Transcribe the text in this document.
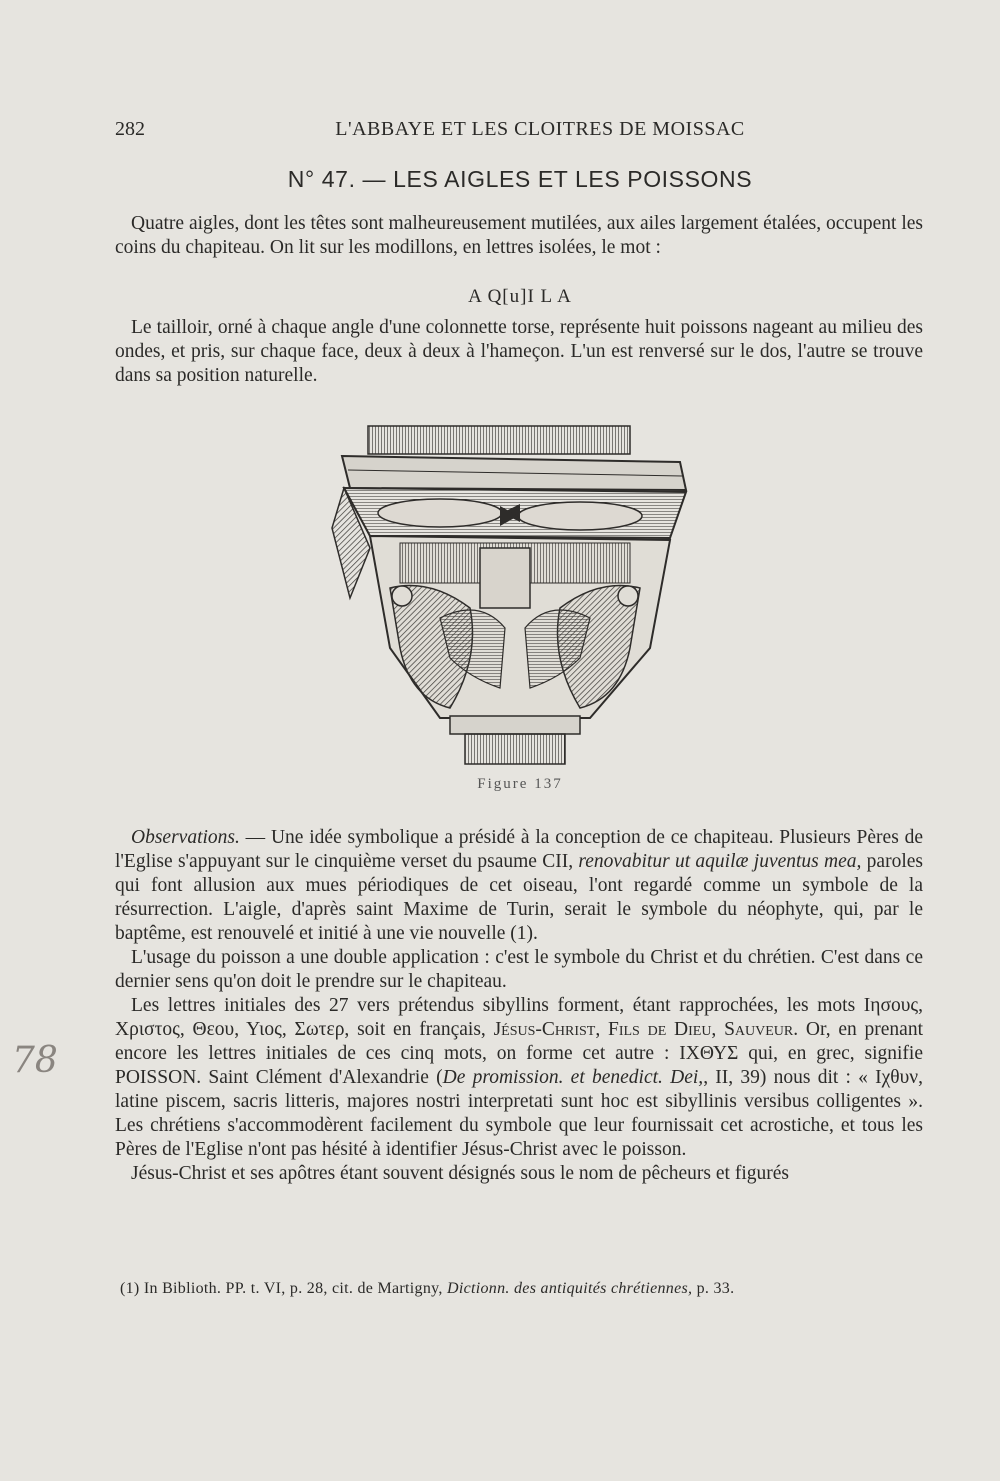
282	L'ABBAYE ET LES CLOITRES DE MOISSAC
N° 47. — LES AIGLES ET LES POISSONS

Quatre aigles, dont les têtes sont malheureusement mutilées, aux ailes largement étalées, occupent les coins du chapiteau. On lit sur les modillons, en lettres isolées, le mot :

A Q[u]I L A

Le tailloir, orné à chaque angle d'une colonnette torse, représente huit poissons nageant au milieu des ondes, et pris, sur chaque face, deux à deux à l'hameçon. L'un est renversé sur le dos, l'autre se trouve dans sa position naturelle.

Figure 137

Observations. — Une idée symbolique a présidé à la conception de ce chapiteau. Plusieurs Pères de l'Eglise s'appuyant sur le cinquième verset du psaume CII, renovabitur ut aquilæ juventus mea, paroles qui font allusion aux mues périodiques de cet oiseau, l'ont regardé comme un symbole de la résurrection. L'aigle, d'après saint Maxime de Turin, serait le symbole du néophyte, qui, par le baptême, est renouvelé et initié à une vie nouvelle (1).

L'usage du poisson a une double application : c'est le symbole du Christ et du chrétien. C'est dans ce dernier sens qu'on doit le prendre sur le chapiteau.

Les lettres initiales des 27 vers prétendus sibyllins forment, étant rapprochées, les mots Ιησους, Χριστος, Θεου, Υιος, Σωτερ, soit en français, Jésus-Christ, Fils de Dieu, Sauveur. Or, en prenant encore les lettres initiales de ces cinq mots, on forme cet autre : ΙΧΘΥΣ qui, en grec, signifie POISSON. Saint Clément d'Alexandrie (De promission. et benedict. Dei,, II, 39) nous dit : « Ιχθυν, latine piscem, sacris litteris, majores nostri interpretati sunt hoc est sibyllinis versibus colligentes ». Les chrétiens s'accommodèrent facilement du symbole que leur fournissait cet acrostiche, et tous les Pères de l'Eglise n'ont pas hésité à identifier Jésus-Christ avec le poisson.

Jésus-Christ et ses apôtres étant souvent désignés sous le nom de pêcheurs et figurés

(1) In Biblioth. PP. t. VI, p. 28, cit. de Martigny, Dictionn. des antiquités chrétiennes, p. 33.
78
